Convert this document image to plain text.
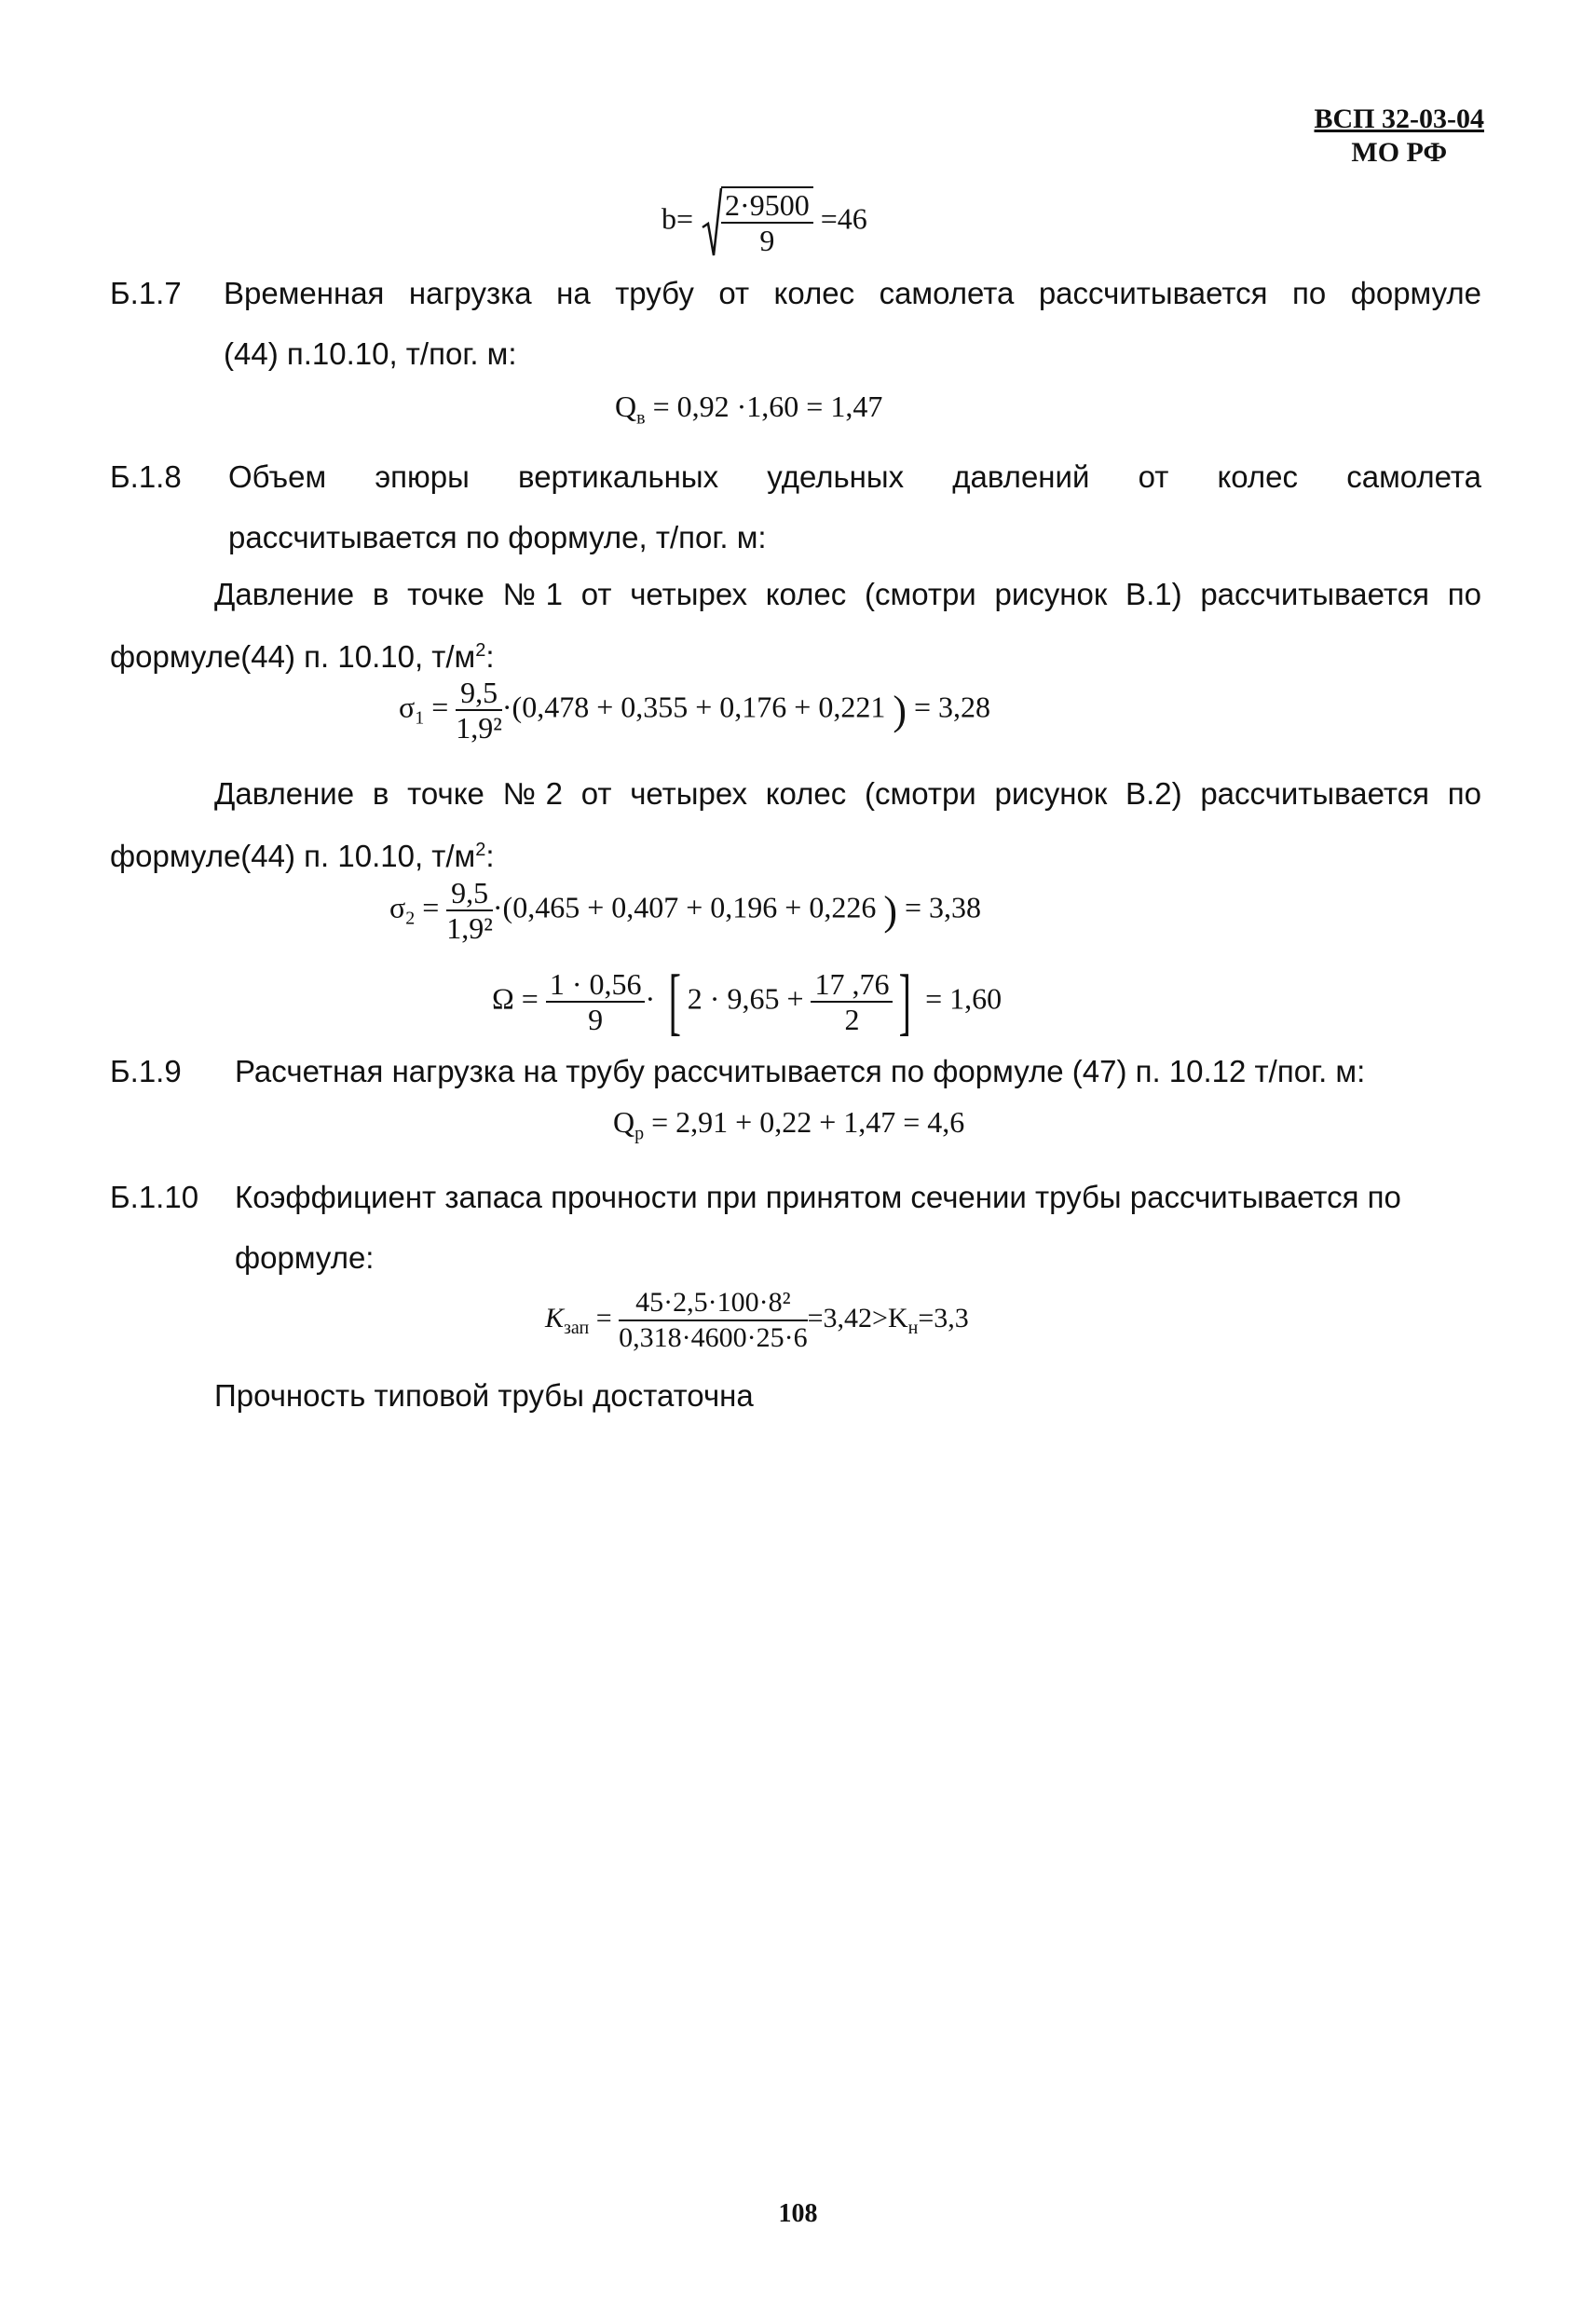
ВСП 32-03-04
МО РФ
$b= \frac{2\cdot 9500}{9} =46$
Б.1.7 Временная нагрузка на трубу от колес самолета рассчитывается по формуле
(44) п.10.10, т/пог. м:
$Q_в = 0,92 \cdot 1,60 = 1,47$
Б.1.8 Объем эпюры вертикальных удельных давлений от колес самолета
рассчитывается по формуле, т/пог. м:
Давление в точке №1 от четырех колес (смотри рисунок В.1) рассчитывается по
формуле(44) п. 10.10, $т/м^2$:
$\sigma_1 = \frac{9,5}{\text{1,9²}} \cdot(0,478 + 0,355 + 0,176 + 0,221$ ) = 3,28
Давление в точке №2 от четырех колес (смотри рисунок В.2) рассчитывается по
формуле(44) п. 10.10, $т/м^2$:
$\sigma_2 = \frac{9,5}{\text{1,9²}} \cdot(0,465 + 0,407 + 0,196 + 0,226$ ) = 3,38
$\Omega = \frac{1 \cdot 0,56}{9}$ · [ $2 \cdot 9,65 + \frac{17 ,76}{2}$ ] = 1,60
Б.1.9 Расчетная нагрузка на трубу рассчитывается по формуле (47) п. 10.12 т/пог. м:
$Q_р = 2,91 + 0,22 + 1,47 = 4,6$
Б.1.10 Коэффициент запаса прочности при принятом сечении трубы рассчитывается по
формуле:
$K_{зап} = \frac{\text{45·2,5·100·8²}}{0,318\cdot 4600\cdot 25\cdot 6} =3,42>K_н=3,3$
Прочность типовой трубы достаточна
108
